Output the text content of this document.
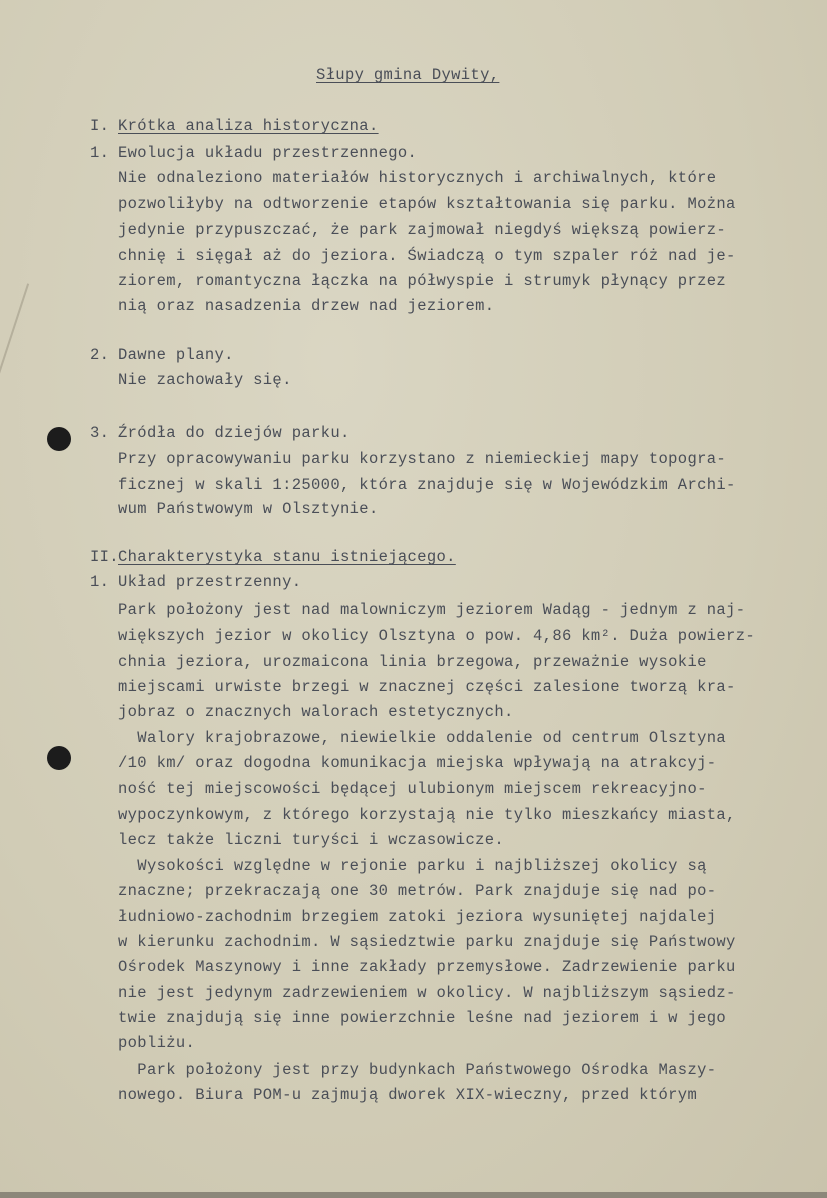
Słupy gmina Dywity,
I. Krótka analiza historyczna.
1. Ewolucja układu przestrzennego.
Nie odnaleziono materiałów historycznych i archiwalnych, które
pozwoliłyby na odtworzenie etapów kształtowania się parku. Można
jedynie przypuszczać, że park zajmował niegdyś większą powierz-
chnię i sięgał aż do jeziora. Świadczą o tym szpaler róż nad je-
ziorem, romantyczna łączka na półwyspie i strumyk płynący przez
nią oraz nasadzenia drzew nad jeziorem.
2. Dawne plany.
Nie zachowały się.
3. Źródła do dziejów parku.
Przy opracowywaniu parku korzystano z niemieckiej mapy topogra-
ficznej w skali 1:25000, która znajduje się w Wojewódzkim Archi-
wum Państwowym w Olsztynie.
II. Charakterystyka stanu istniejącego.
1. Układ przestrzenny.
Park położony jest nad malowniczym jeziorem Wadąg - jednym z naj-
większych jezior w okolicy Olsztyna o pow. 4,86 km². Duża powierz-
chnia jeziora, urozmaicona linia brzegowa, przeważnie wysokie
miejscami urwiste brzegi w znacznej części zalesione tworzą kra-
jobraz o znacznych walorach estetycznych.
Walory krajobrazowe, niewielkie oddalenie od centrum Olsztyna
/10 km/ oraz dogodna komunikacja miejska wpływają na atrakcyj-
ność tej miejscowości będącej ulubionym miejscem rekreacyjno-
wypoczynkowym, z którego korzystają nie tylko mieszkańcy miasta,
lecz także liczni turyści i wczasowicze.
Wysokości względne w rejonie parku i najbliższej okolicy są
znaczne; przekraczają one 30 metrów. Park znajduje się nad po-
łudniowo-zachodnim brzegiem zatoki jeziora wysuniętej najdalej
w kierunku zachodnim. W sąsiedztwie parku znajduje się Państwowy
Ośrodek Maszynowy i inne zakłady przemysłowe. Zadrzewienie parku
nie jest jedynym zadrzewieniem w okolicy. W najbliższym sąsiedz-
twie znajdują się inne powierzchnie leśne nad jeziorem i w jego
pobliżu.
Park położony jest przy budynkach Państwowego Ośrodka Maszy-
nowego. Biura POM-u zajmują dworek XIX-wieczny, przed którym
